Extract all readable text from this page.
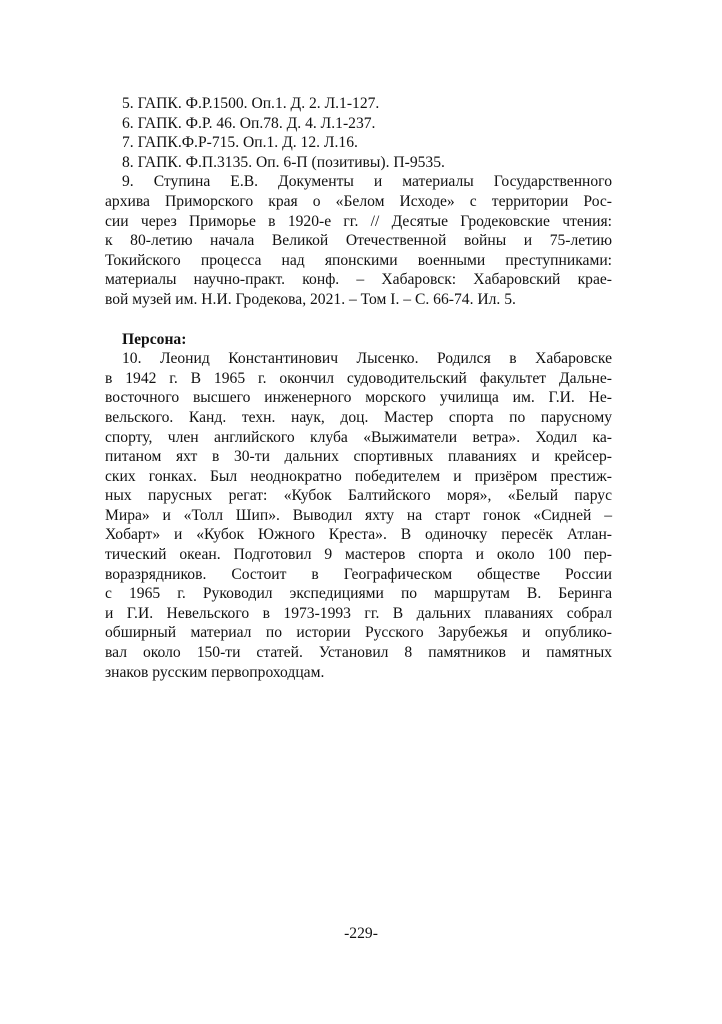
5. ГАПК. Ф.Р.1500. Оп.1. Д. 2. Л.1-127.
6. ГАПК. Ф.Р. 46. Оп.78. Д. 4. Л.1-237.
7. ГАПК.Ф.Р-715. Оп.1. Д. 12. Л.16.
8. ГАПК. Ф.П.3135. Оп. 6-П (позитивы). П-9535.
9. Ступина Е.В. Документы и материалы Государственного
архива Приморского края о «Белом Исходе» с территории Рос-
сии через Приморье в 1920-е гг. // Десятые Гродековские чтения:
к 80-летию начала Великой Отечественной войны и 75-летию
Токийского процесса над японскими военными преступниками:
материалы научно-практ. конф. – Хабаровск: Хабаровский крае-
вой музей им. Н.И. Гродекова, 2021. – Том I. – С. 66-74. Ил. 5.
Персона:
10. Леонид Константинович Лысенко. Родился в Хабаровске
в 1942 г. В 1965 г. окончил судоводительский факультет Дальне-
восточного высшего инженерного морского училища им. Г.И. Не-
вельского. Канд. техн. наук, доц. Мастер спорта по парусному
спорту, член английского клуба «Выжиматели ветра». Ходил ка-
питаном яхт в 30-ти дальних спортивных плаваниях и крейсер-
ских гонках. Был неоднократно победителем и призёром престиж-
ных парусных регат: «Кубок Балтийского моря», «Белый парус
Мира» и «Толл Шип». Выводил яхту на старт гонок «Сидней –
Хобарт» и «Кубок Южного Креста». В одиночку пересёк Атлан-
тический океан. Подготовил 9 мастеров спорта и около 100 пер-
воразрядников. Состоит в Географическом обществе России
с 1965 г. Руководил экспедициями по маршрутам В. Беринга
и Г.И. Невельского в 1973-1993 гг. В дальних плаваниях собрал
обширный материал по истории Русского Зарубежья и опублико-
вал около 150-ти статей. Установил 8 памятников и памятных
знаков русским первопроходцам.
-229-
